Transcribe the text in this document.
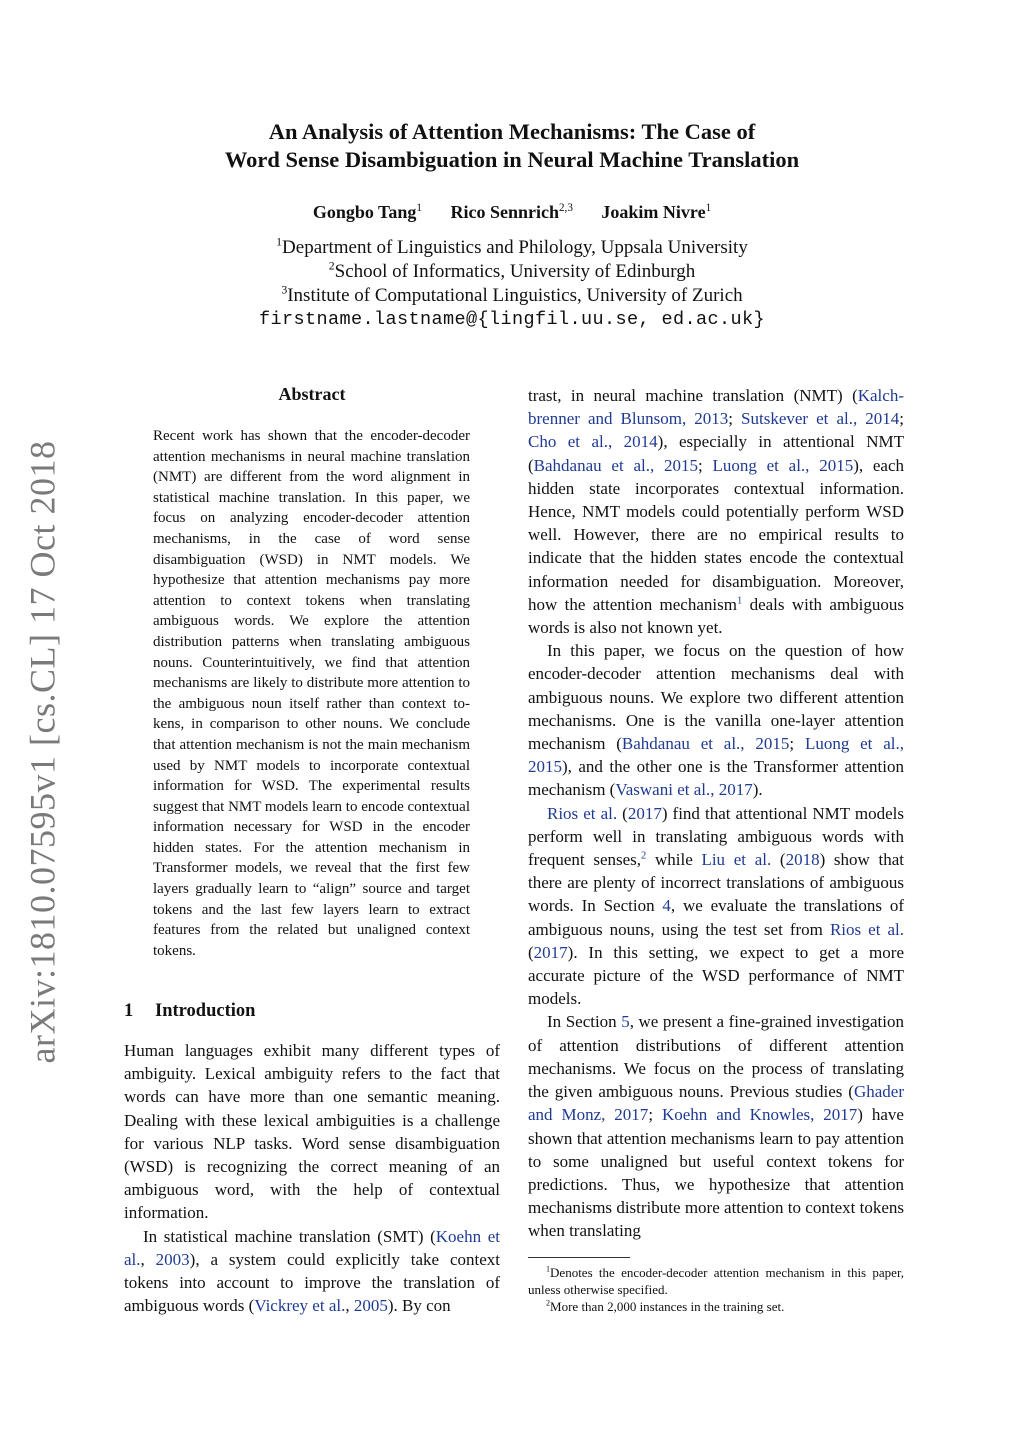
arXiv:1810.07595v1 [cs.CL] 17 Oct 2018
An Analysis of Attention Mechanisms: The Case of
Word Sense Disambiguation in Neural Machine Translation
Gongbo Tang$^1$ Rico Sennrich$^{2,3}$ Joakim Nivre$^1$
$^1$Department of Linguistics and Philology, Uppsala University
$^2$School of Informatics, University of Edinburgh
$^3$Institute of Computational Linguistics, University of Zurich
firstname.lastname@{lingfil.uu.se, ed.ac.uk}
Abstract
Recent work has shown that the encoder-decoder attention mechanisms in neural machine translation (NMT) are different from the word alignment in statistical machine translation. In this paper, we focus on analyzing encoder-decoder attention mechanisms, in the case of word sense disambiguation (WSD) in NMT models. We hypothesize that attention mechanisms pay more attention to context tokens when translating ambiguous words. We explore the attention distribution patterns when translating ambiguous nouns. Counterintuitively, we find that attention mechanisms are likely to distribute more attention to the ambiguous noun itself rather than context tokens, in comparison to other nouns. We conclude that attention mechanism is not the main mechanism used by NMT models to incorporate contextual information for WSD. The experimental results suggest that NMT models learn to encode contextual information necessary for WSD in the encoder hidden states. For the attention mechanism in Transformer models, we reveal that the first few layers gradually learn to “align” source and target tokens and the last few layers learn to extract features from the related but unaligned context tokens.
1 Introduction

Human languages exhibit many different types of ambiguity. Lexical ambiguity refers to the fact that words can have more than one semantic meaning. Dealing with these lexical ambiguities is a challenge for various NLP tasks. Word sense disambiguation (WSD) is recognizing the correct meaning of an ambiguous word, with the help of contextual information.

In statistical machine translation (SMT) (Koehn et al., 2003), a system could explicitly take context tokens into account to improve the translation of ambiguous words (Vickrey et al., 2005). By con

trast, in neural machine translation (NMT) (Kalchbrenner and Blunsom, 2013; Sutskever et al., 2014; Cho et al., 2014), especially in attentional NMT (Bahdanau et al., 2015; Luong et al., 2015), each hidden state incorporates contextual information. Hence, NMT models could potentially perform WSD well. However, there are no empirical results to indicate that the hidden states encode the contextual information needed for disambiguation. Moreover, how the attention mechanism$^1$ deals with ambiguous words is also not known yet.

In this paper, we focus on the question of how encoder-decoder attention mechanisms deal with ambiguous nouns. We explore two different attention mechanisms. One is the vanilla one-layer attention mechanism (Bahdanau et al., 2015; Luong et al., 2015), and the other one is the Transformer attention mechanism (Vaswani et al., 2017).

Rios et al. (2017) find that attentional NMT models perform well in translating ambiguous words with frequent senses,$^2$ while Liu et al. (2018) show that there are plenty of incorrect translations of ambiguous words. In Section 4, we evaluate the translations of ambiguous nouns, using the test set from Rios et al. (2017). In this setting, we expect to get a more accurate picture of the WSD performance of NMT models.

In Section 5, we present a fine-grained investigation of attention distributions of different attention mechanisms. We focus on the process of translating the given ambiguous nouns. Previous studies (Ghader and Monz, 2017; Koehn and Knowles, 2017) have shown that attention mechanisms learn to pay attention to some unaligned but useful context tokens for predictions. Thus, we hypothesize that attention mechanisms distribute more attention to context tokens when translating

$^1$Denotes the encoder-decoder attention mechanism in this paper, unless otherwise specified.

$^2$More than 2,000 instances in the training set.
